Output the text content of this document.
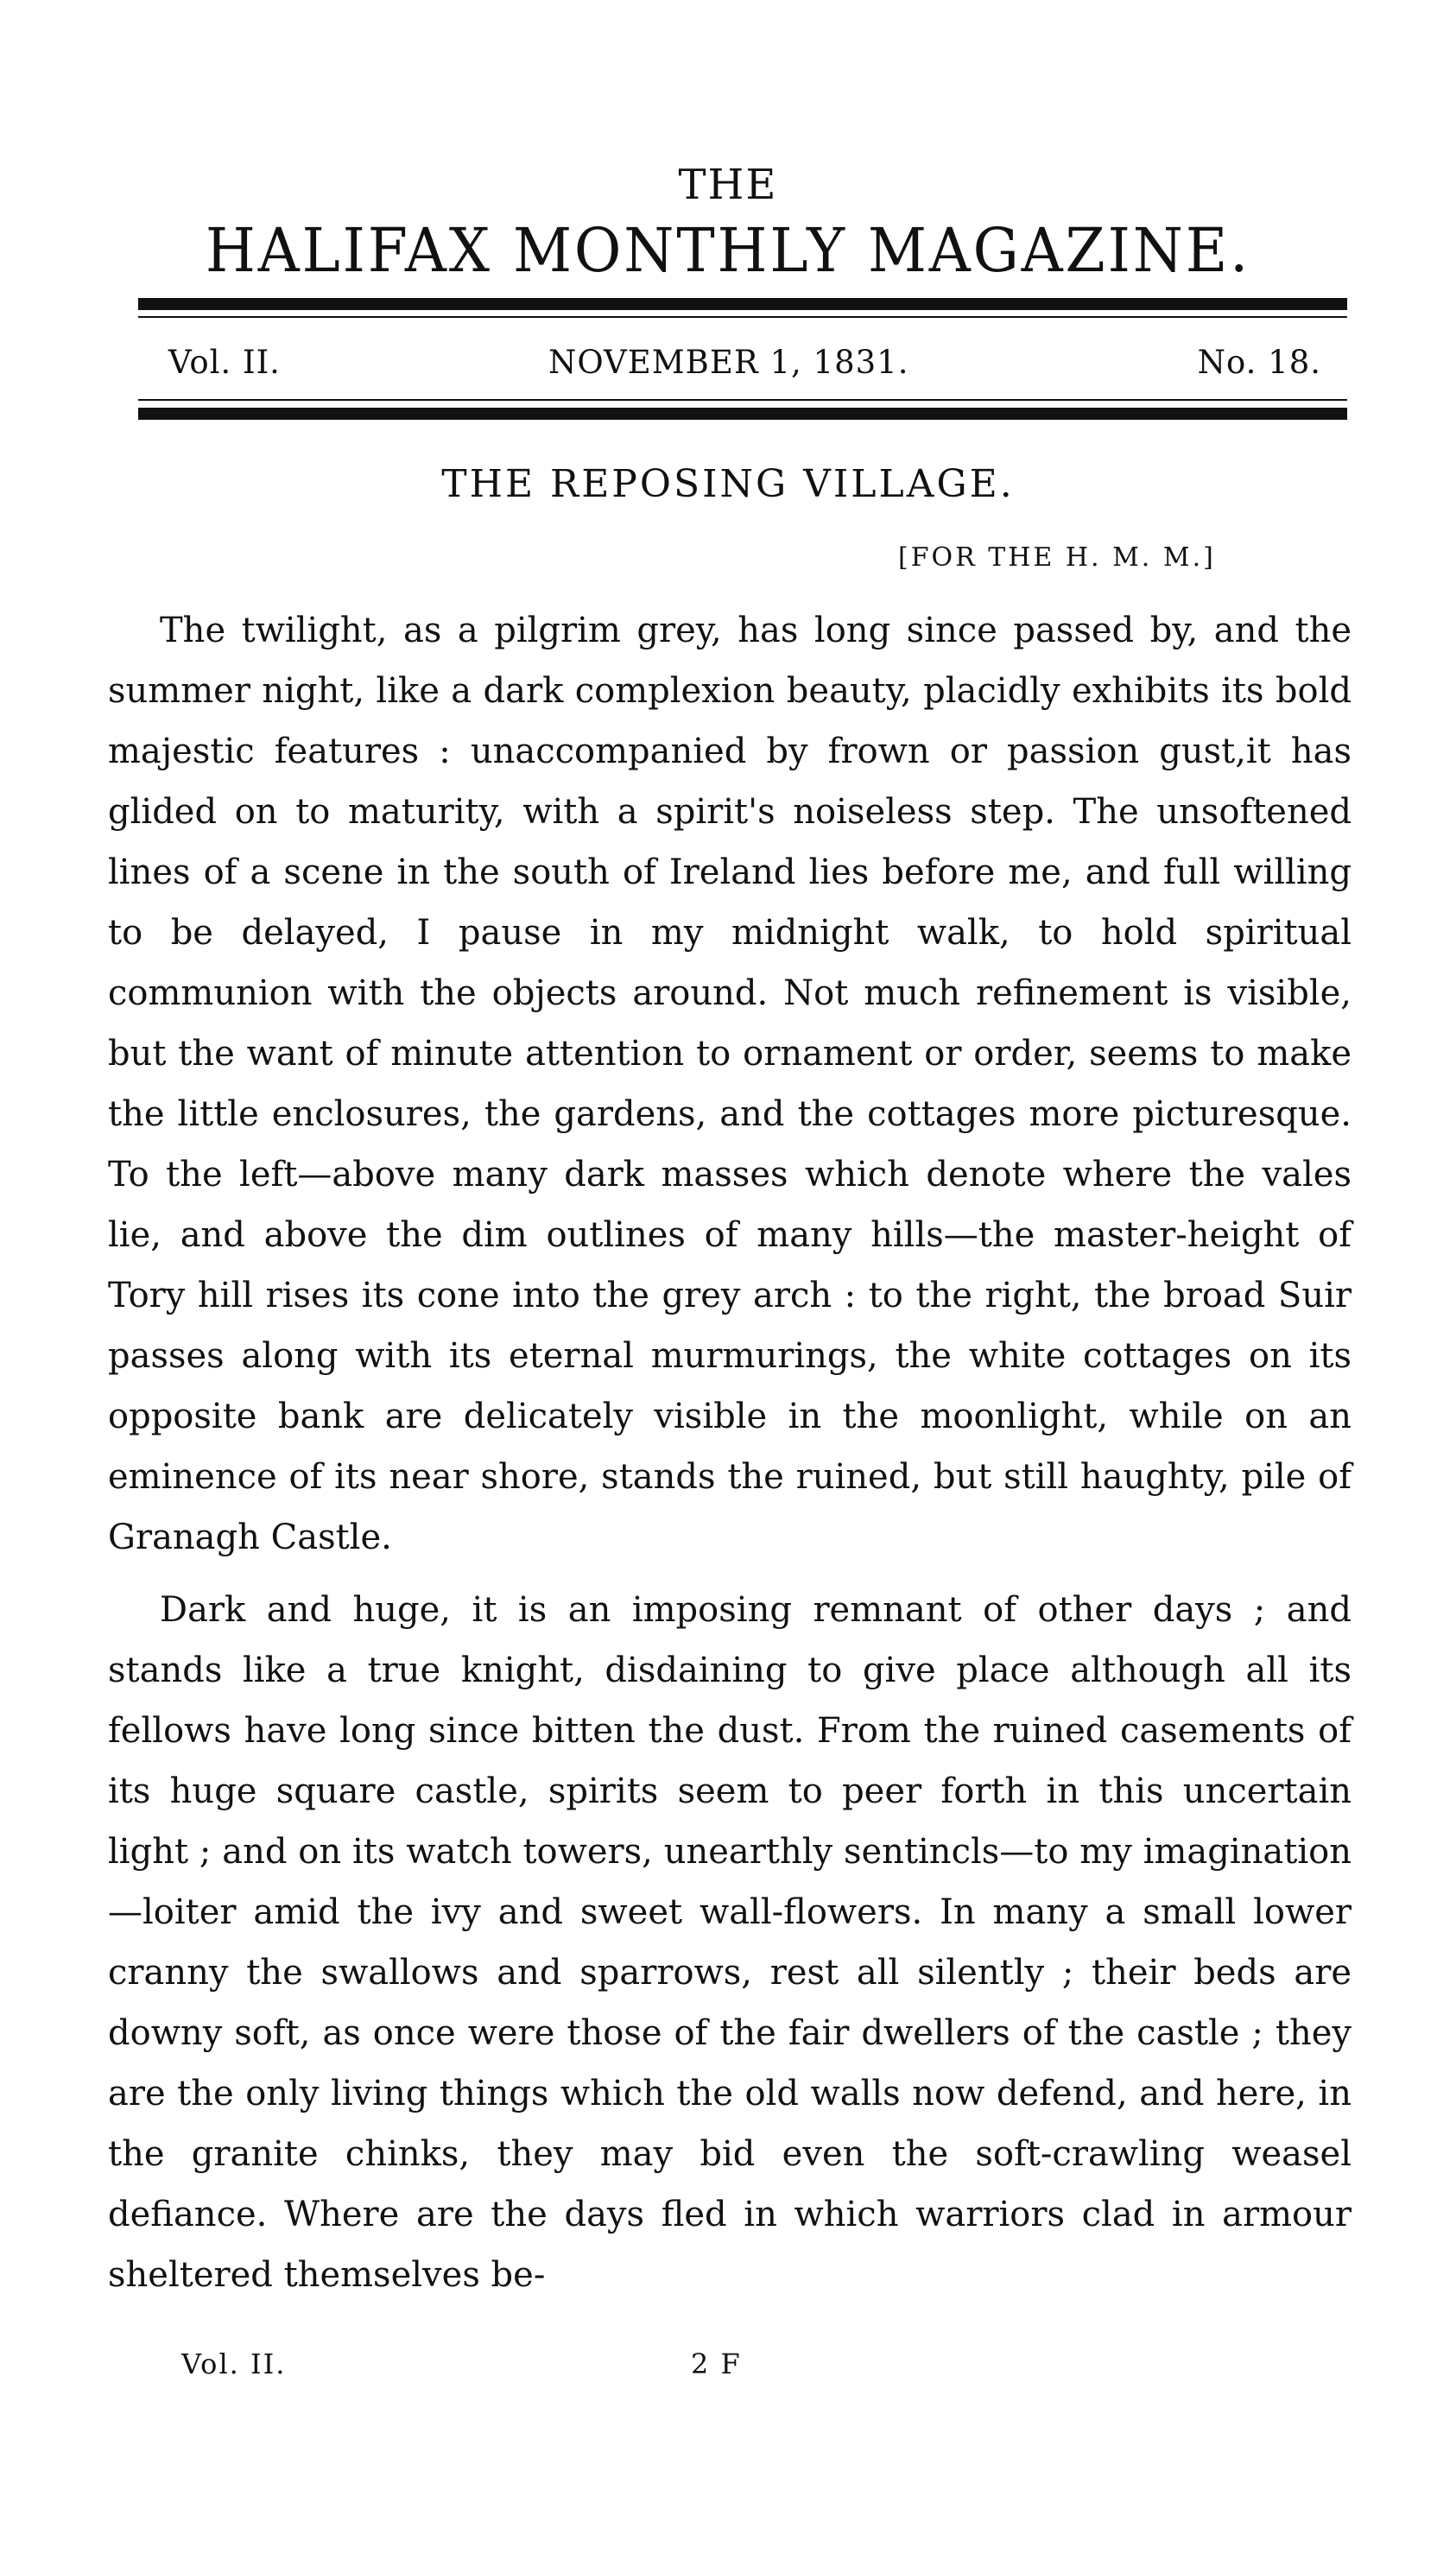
THE
HALIFAX MONTHLY MAGAZINE.
Vol. II.	NOVEMBER 1, 1831.	No. 18.
THE REPOSING VILLAGE.
[FOR THE H. M. M.]

The twilight, as a pilgrim grey, has long since passed by, and the summer night, like a dark complexion beauty, placidly exhibits its bold majestic features : unaccompanied by frown or passion gust,it has glided on to maturity, with a spirit's noiseless step. The unsoftened lines of a scene in the south of Ireland lies before me, and full willing to be delayed, I pause in my midnight walk, to hold spiritual communion with the objects around. Not much refinement is visible, but the want of minute attention to ornament or order, seems to make the little enclosures, the gardens, and the cottages more picturesque. To the left—above many dark masses which denote where the vales lie, and above the dim outlines of many hills—the master-height of Tory hill rises its cone into the grey arch : to the right, the broad Suir passes along with its eternal murmurings, the white cottages on its opposite bank are delicately visible in the moonlight, while on an eminence of its near shore, stands the ruined, but still haughty, pile of Granagh Castle.

Dark and huge, it is an imposing remnant of other days ; and stands like a true knight, disdaining to give place although all its fellows have long since bitten the dust. From the ruined casements of its huge square castle, spirits seem to peer forth in this uncertain light ; and on its watch towers, unearthly sentincls—to my imagination—loiter amid the ivy and sweet wall-flowers. In many a small lower cranny the swallows and sparrows, rest all silently ; their beds are downy soft, as once were those of the fair dwellers of the castle ; they are the only living things which the old walls now defend, and here, in the granite chinks, they may bid even the soft-crawling weasel defiance. Where are the days fled in which warriors clad in armour sheltered themselves be-

Vol. II.	2 F
